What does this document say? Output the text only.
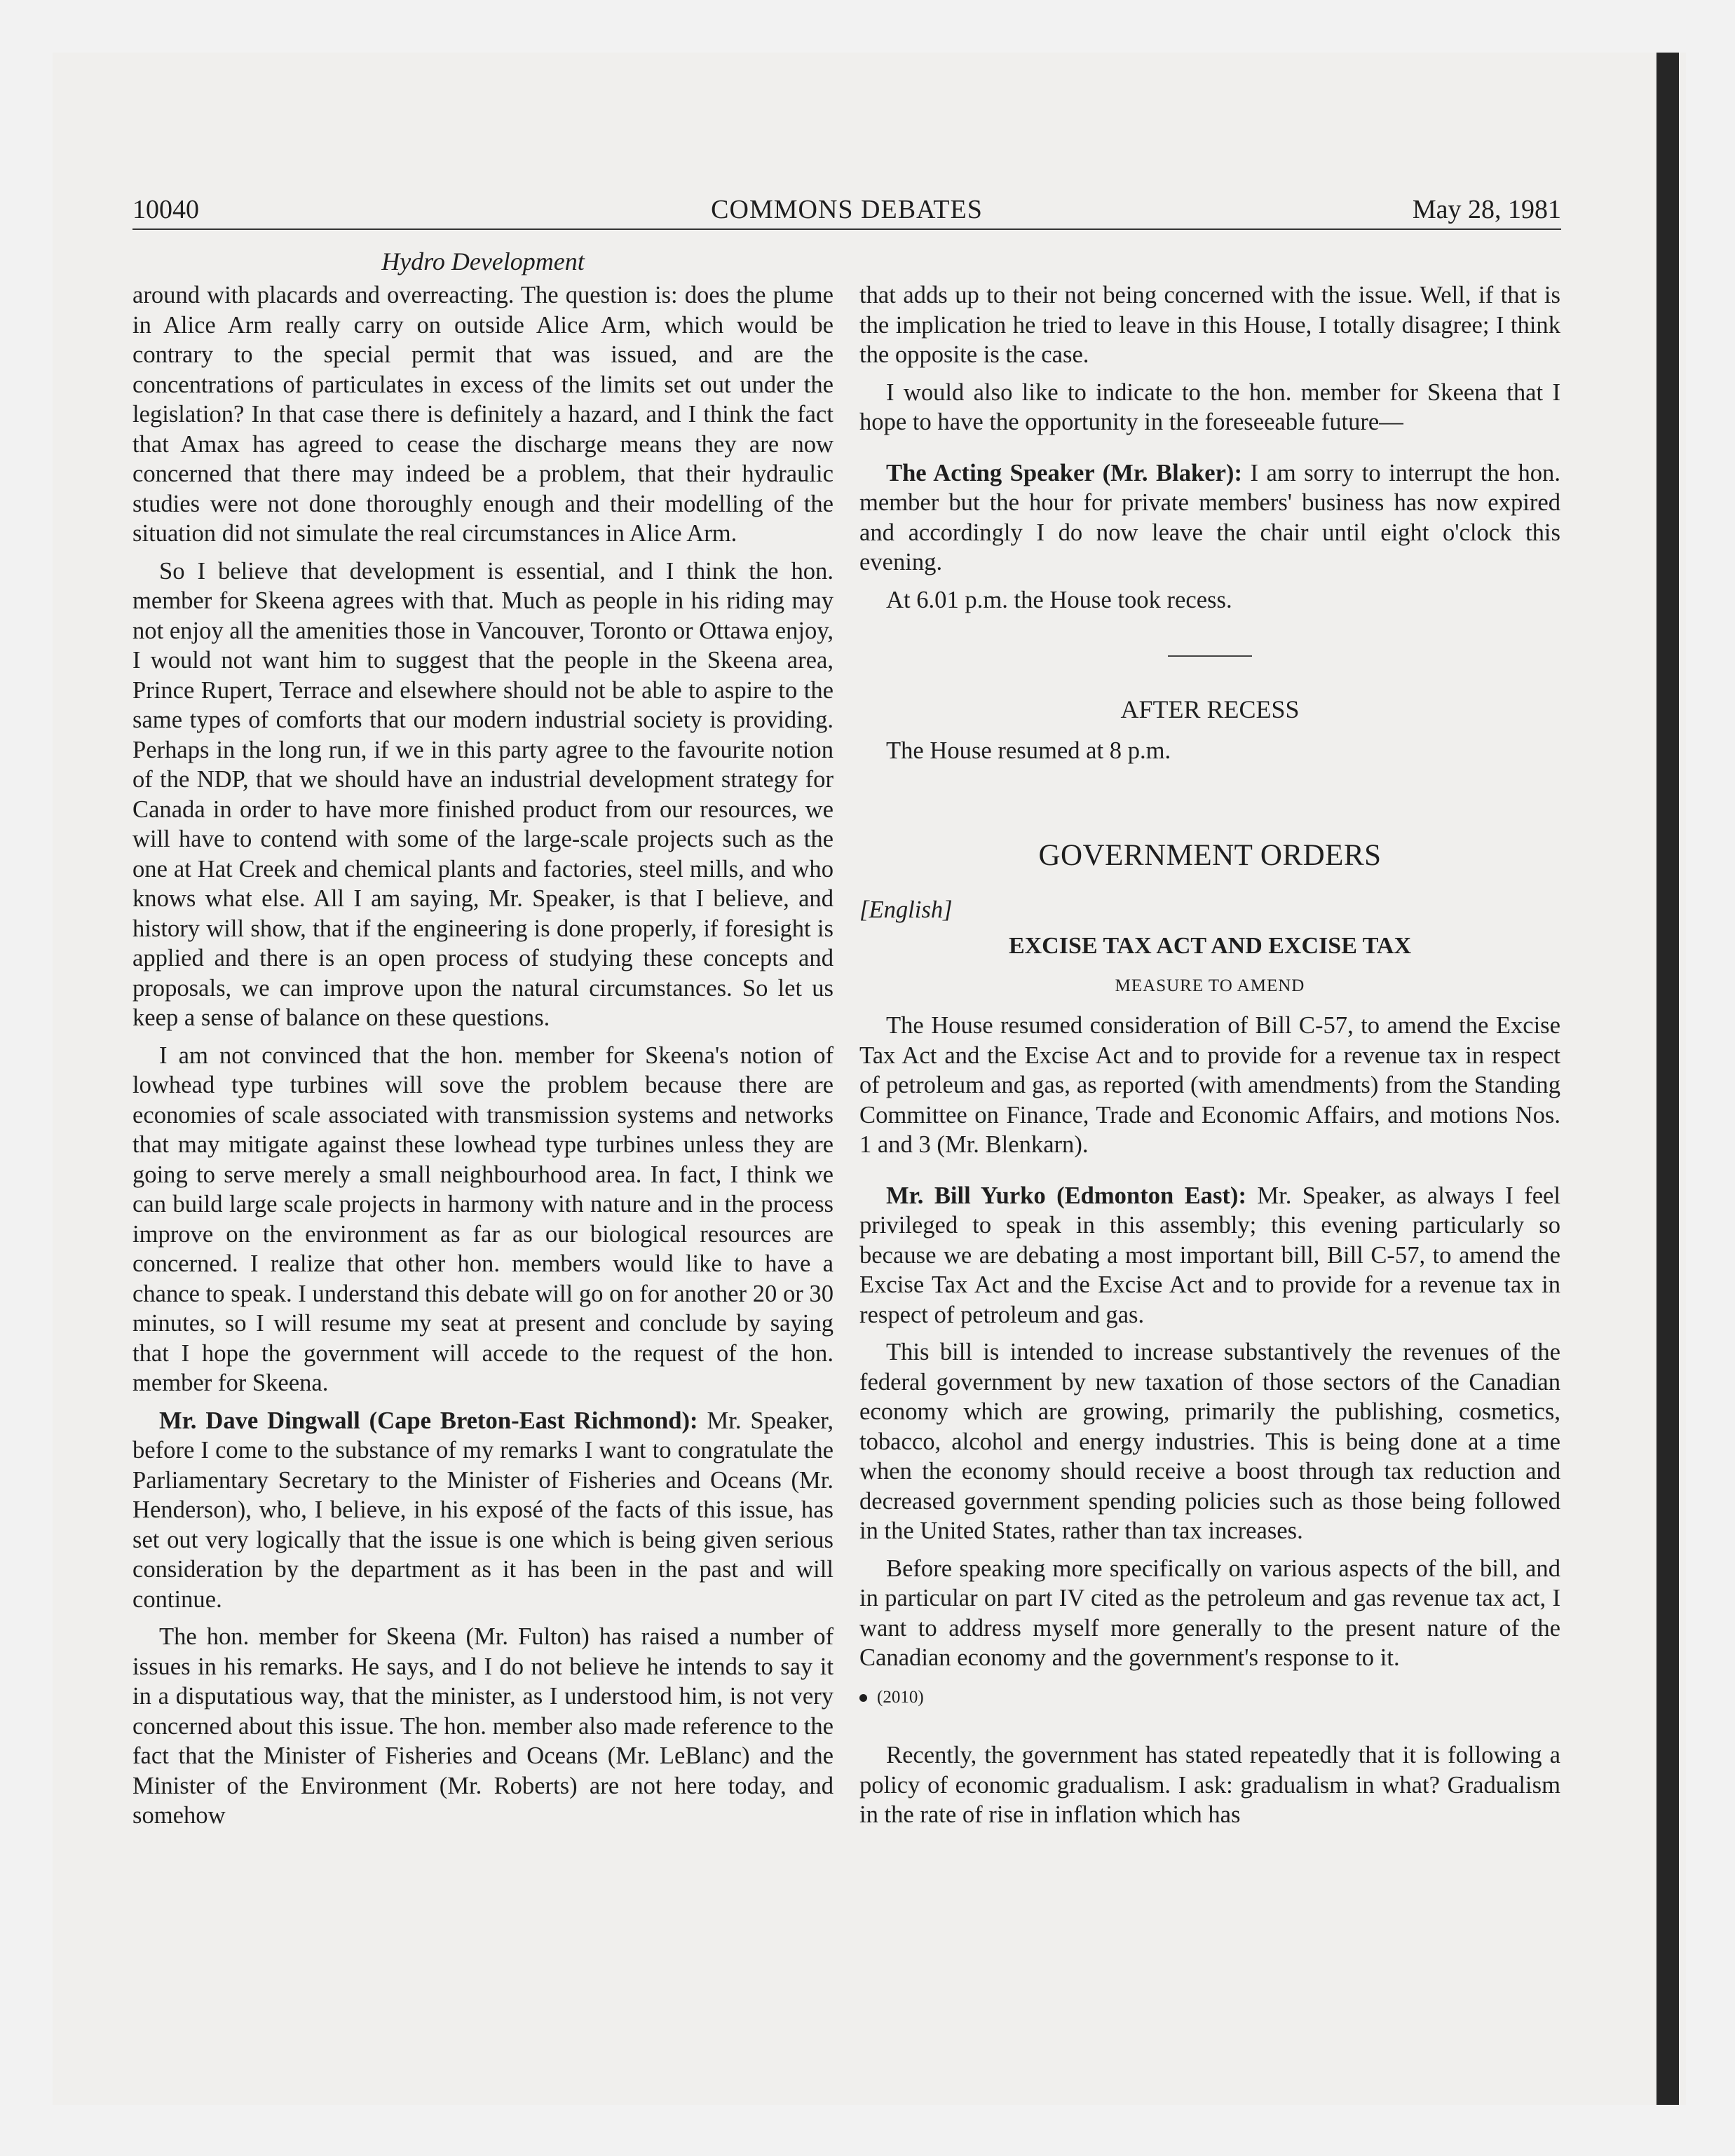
10040	COMMONS DEBATES	May 28, 1981
Hydro Development

around with placards and overreacting. The question is: does the plume in Alice Arm really carry on outside Alice Arm, which would be contrary to the special permit that was issued, and are the concentrations of particulates in excess of the limits set out under the legislation? In that case there is definitely a hazard, and I think the fact that Amax has agreed to cease the discharge means they are now concerned that there may indeed be a problem, that their hydraulic studies were not done thoroughly enough and their modelling of the situation did not simulate the real circumstances in Alice Arm.

So I believe that development is essential, and I think the hon. member for Skeena agrees with that. Much as people in his riding may not enjoy all the amenities those in Vancouver, Toronto or Ottawa enjoy, I would not want him to suggest that the people in the Skeena area, Prince Rupert, Terrace and elsewhere should not be able to aspire to the same types of comforts that our modern industrial society is providing. Perhaps in the long run, if we in this party agree to the favourite notion of the NDP, that we should have an industrial development strategy for Canada in order to have more finished product from our resources, we will have to contend with some of the large-scale projects such as the one at Hat Creek and chemical plants and factories, steel mills, and who knows what else. All I am saying, Mr. Speaker, is that I believe, and history will show, that if the engineering is done properly, if foresight is applied and there is an open process of studying these concepts and proposals, we can improve upon the natural circumstances. So let us keep a sense of balance on these questions.

I am not convinced that the hon. member for Skeena's notion of lowhead type turbines will sove the problem because there are economies of scale associated with transmission systems and networks that may mitigate against these lowhead type turbines unless they are going to serve merely a small neighbourhood area. In fact, I think we can build large scale projects in harmony with nature and in the process improve on the environment as far as our biological resources are concerned. I realize that other hon. members would like to have a chance to speak. I understand this debate will go on for another 20 or 30 minutes, so I will resume my seat at present and conclude by saying that I hope the government will accede to the request of the hon. member for Skeena.

Mr. Dave Dingwall (Cape Breton-East Richmond): Mr. Speaker, before I come to the substance of my remarks I want to congratulate the Parliamentary Secretary to the Minister of Fisheries and Oceans (Mr. Henderson), who, I believe, in his exposé of the facts of this issue, has set out very logically that the issue is one which is being given serious consideration by the department as it has been in the past and will continue.

The hon. member for Skeena (Mr. Fulton) has raised a number of issues in his remarks. He says, and I do not believe he intends to say it in a disputatious way, that the minister, as I understood him, is not very concerned about this issue. The hon. member also made reference to the fact that the Minister of Fisheries and Oceans (Mr. LeBlanc) and the Minister of the Environment (Mr. Roberts) are not here today, and somehow

that adds up to their not being concerned with the issue. Well, if that is the implication he tried to leave in this House, I totally disagree; I think the opposite is the case.

I would also like to indicate to the hon. member for Skeena that I hope to have the opportunity in the foreseeable future—

The Acting Speaker (Mr. Blaker): I am sorry to interrupt the hon. member but the hour for private members' business has now expired and accordingly I do now leave the chair until eight o'clock this evening.

At 6.01 p.m. the House took recess.

AFTER RECESS

The House resumed at 8 p.m.

GOVERNMENT ORDERS
[English]
EXCISE TAX ACT AND EXCISE TAX
MEASURE TO AMEND

The House resumed consideration of Bill C-57, to amend the Excise Tax Act and the Excise Act and to provide for a revenue tax in respect of petroleum and gas, as reported (with amendments) from the Standing Committee on Finance, Trade and Economic Affairs, and motions Nos. 1 and 3 (Mr. Blenkarn).

Mr. Bill Yurko (Edmonton East): Mr. Speaker, as always I feel privileged to speak in this assembly; this evening particularly so because we are debating a most important bill, Bill C-57, to amend the Excise Tax Act and the Excise Act and to provide for a revenue tax in respect of petroleum and gas.

This bill is intended to increase substantively the revenues of the federal government by new taxation of those sectors of the Canadian economy which are growing, primarily the publishing, cosmetics, tobacco, alcohol and energy industries. This is being done at a time when the economy should receive a boost through tax reduction and decreased government spending policies such as those being followed in the United States, rather than tax increases.

Before speaking more specifically on various aspects of the bill, and in particular on part IV cited as the petroleum and gas revenue tax act, I want to address myself more generally to the present nature of the Canadian economy and the government's response to it.

(2010)

Recently, the government has stated repeatedly that it is following a policy of economic gradualism. I ask: gradualism in what? Gradualism in the rate of rise in inflation which has
